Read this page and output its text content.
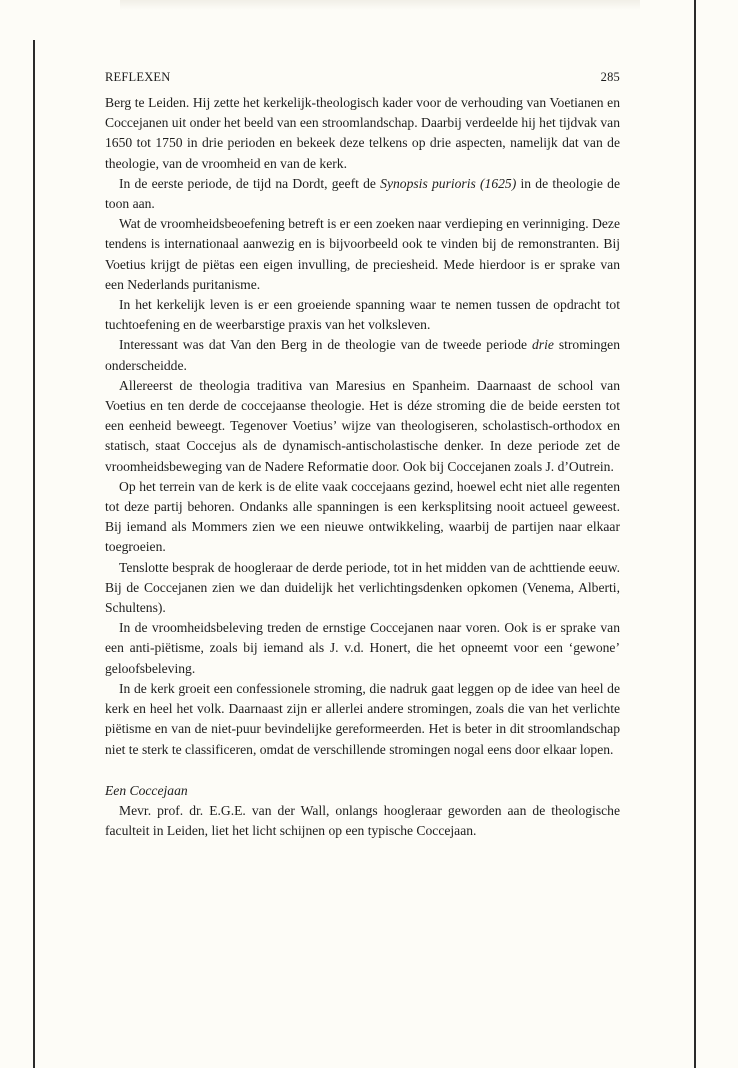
REFLEXEN	285

Berg te Leiden. Hij zette het kerkelijk-theologisch kader voor de verhouding van Voetianen en Coccejanen uit onder het beeld van een stroomlandschap. Daarbij verdeelde hij het tijdvak van 1650 tot 1750 in drie perioden en bekeek deze telkens op drie aspecten, namelijk dat van de theologie, van de vroomheid en van de kerk.

In de eerste periode, de tijd na Dordt, geeft de Synopsis purioris (1625) in de theologie de toon aan.

Wat de vroomheidsbeoefening betreft is er een zoeken naar verdieping en verinniging. Deze tendens is internationaal aanwezig en is bijvoorbeeld ook te vinden bij de remonstranten. Bij Voetius krijgt de piëtas een eigen invulling, de preciesheid. Mede hierdoor is er sprake van een Nederlands puritanisme.

In het kerkelijk leven is er een groeiende spanning waar te nemen tussen de opdracht tot tuchtoefening en de weerbarstige praxis van het volksleven.

Interessant was dat Van den Berg in de theologie van de tweede periode drie stromingen onderscheidde.

Allereerst de theologia traditiva van Maresius en Spanheim. Daarnaast de school van Voetius en ten derde de coccejaanse theologie. Het is déze stroming die de beide eersten tot een eenheid beweegt. Tegenover Voetius’ wijze van theologiseren, scholastisch-orthodox en statisch, staat Coccejus als de dynamisch-antischolastische denker. In deze periode zet de vroomheidsbeweging van de Nadere Reformatie door. Ook bij Coccejanen zoals J. d’Outrein.

Op het terrein van de kerk is de elite vaak coccejaans gezind, hoewel echt niet alle regenten tot deze partij behoren. Ondanks alle spanningen is een kerksplitsing nooit actueel geweest. Bij iemand als Mommers zien we een nieuwe ontwikkeling, waarbij de partijen naar elkaar toegroeien.

Tenslotte besprak de hoogleraar de derde periode, tot in het midden van de achttiende eeuw. Bij de Coccejanen zien we dan duidelijk het verlichtingsdenken opkomen (Venema, Alberti, Schultens).

In de vroomheidsbeleving treden de ernstige Coccejanen naar voren. Ook is er sprake van een anti-piëtisme, zoals bij iemand als J. v.d. Honert, die het opneemt voor een ‘gewone’ geloofsbeleving.

In de kerk groeit een confessionele stroming, die nadruk gaat leggen op de idee van heel de kerk en heel het volk. Daarnaast zijn er allerlei andere stromingen, zoals die van het verlichte piëtisme en van de niet-puur bevindelijke gereformeerden. Het is beter in dit stroomlandschap niet te sterk te classificeren, omdat de verschillende stromingen nogal eens door elkaar lopen.

Een Coccejaan

Mevr. prof. dr. E.G.E. van der Wall, onlangs hoogleraar geworden aan de theologische faculteit in Leiden, liet het licht schijnen op een typische Coccejaan.
